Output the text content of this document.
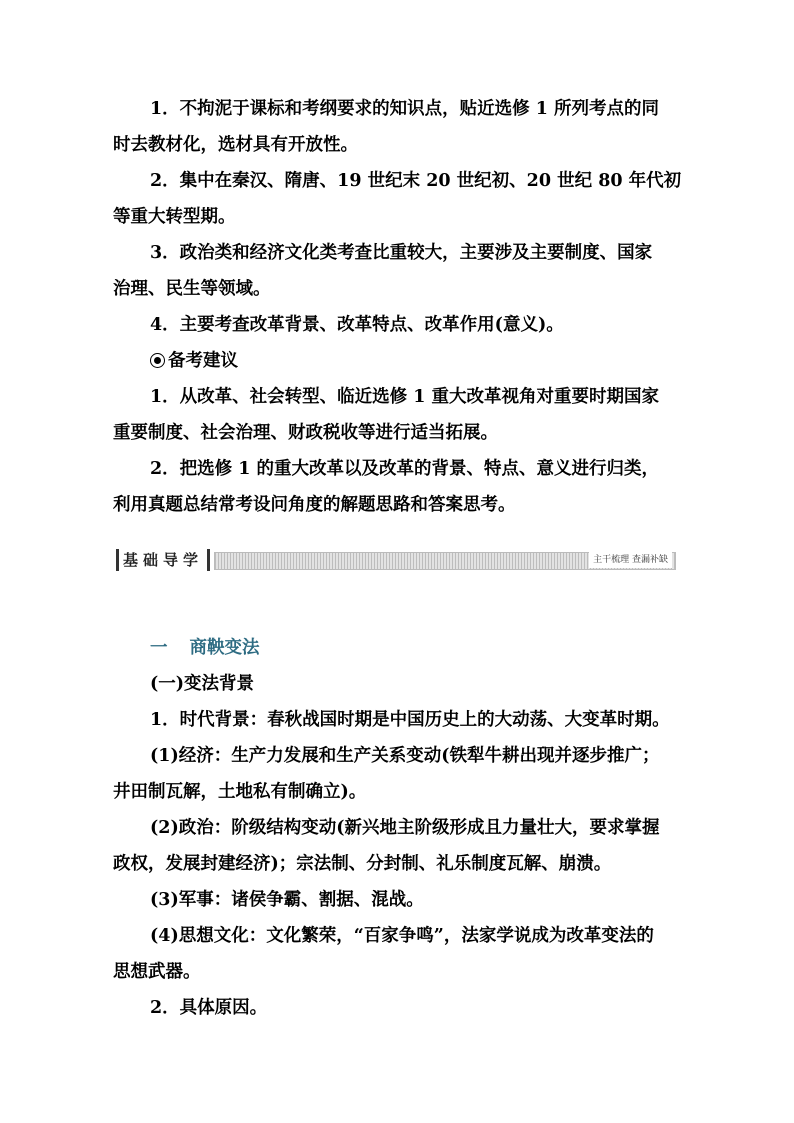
1．不拘泥于课标和考纲要求的知识点，贴近选修 1 所列考点的同
时去教材化，选材具有开放性。
2．集中在秦汉、隋唐、19 世纪末 20 世纪初、20 世纪 80 年代初
等重大转型期。
3．政治类和经济文化类考查比重较大，主要涉及主要制度、国家
治理、民生等领域。
4．主要考查改革背景、改革特点、改革作用(意义)。
备考建议
1．从改革、社会转型、临近选修 1 重大改革视角对重要时期国家
重要制度、社会治理、财政税收等进行适当拓展。
2．把选修 1 的重大改革以及改革的背景、特点、意义进行归类，
利用真题总结常考设问角度的解题思路和答案思考。
基础导学	主干梳理 查漏补缺
一 商鞅变法
(一)变法背景
1．时代背景：春秋战国时期是中国历史上的大动荡、大变革时期。
(1)经济：生产力发展和生产关系变动(铁犁牛耕出现并逐步推广；
井田制瓦解，土地私有制确立)。
(2)政治：阶级结构变动(新兴地主阶级形成且力量壮大，要求掌握
政权，发展封建经济)；宗法制、分封制、礼乐制度瓦解、崩溃。
(3)军事：诸侯争霸、割据、混战。
(4)思想文化：文化繁荣，“百家争鸣”，法家学说成为改革变法的
思想武器。
2．具体原因。
